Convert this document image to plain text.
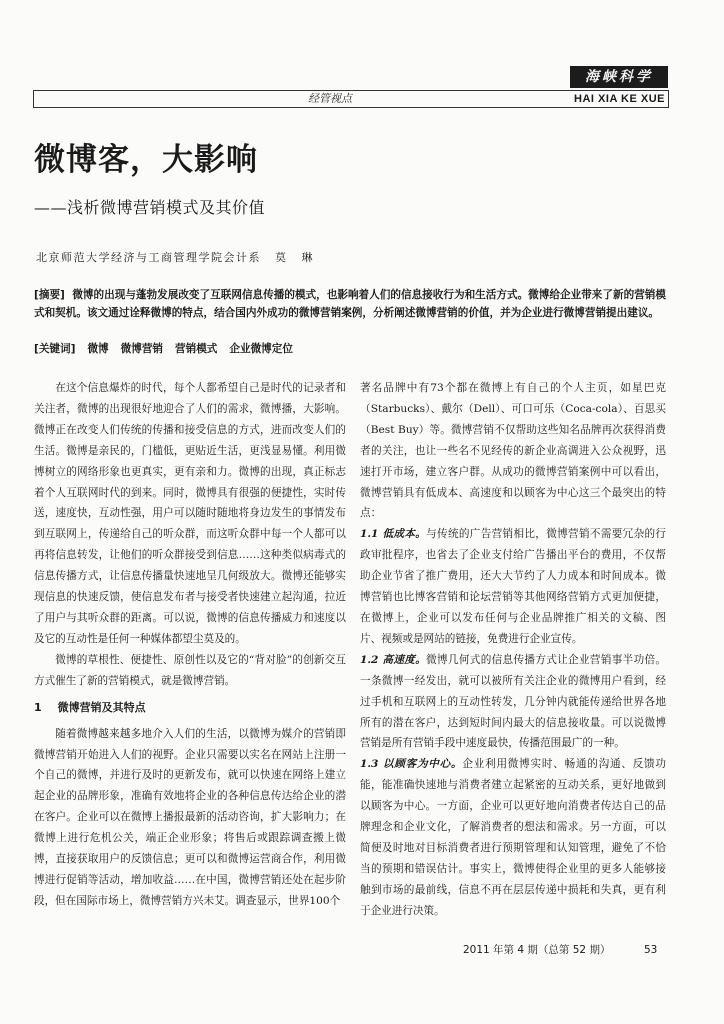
海峡科学
经管视点	HAI XIA KE XUE
微博客，大影响
——浅析微博营销模式及其价值
北京师范大学经济与工商管理学院会计系 莫 琳
[摘要] 微博的出现与蓬勃发展改变了互联网信息传播的模式，也影响着人们的信息接收行为和生活方式。微博给企业带来了新的营销模式和契机。该文通过诠释微博的特点，结合国内外成功的微博营销案例，分析阐述微博营销的价值，并为企业进行微博营销提出建议。
[关键词] 微博 微博营销 营销模式 企业微博定位

在这个信息爆炸的时代，每个人都希望自己是时代的记录者和关注者，微博的出现很好地迎合了人们的需求，微博播，大影响。微博正在改变人们传统的传播和接受信息的方式，进而改变人们的生活。微博是亲民的，门槛低，更贴近生活，更浅显易懂。利用微博树立的网络形象也更真实，更有亲和力。微博的出现，真正标志着个人互联网时代的到来。同时，微博具有很强的便捷性，实时传送，速度快，互动性强，用户可以随时随地将身边发生的事情发布到互联网上，传递给自己的听众群，而这听众群中每一个人都可以再将信息转发，让他们的听众群接受到信息……这种类似病毒式的信息传播方式，让信息传播量快速地呈几何级放大。微博还能够实现信息的快速反馈，使信息发布者与接受者快速建立起沟通，拉近了用户与其听众群的距离。可以说，微博的信息传播威力和速度以及它的互动性是任何一种媒体都望尘莫及的。

微博的草根性、便捷性、原创性以及它的“背对脸”的创新交互方式催生了新的营销模式，就是微博营销。

1 微博营销及其特点

随着微博越来越多地介入人们的生活，以微博为媒介的营销即微博营销开始进入人们的视野。企业只需要以实名在网站上注册一个自己的微博，并进行及时的更新发布，就可以快速在网络上建立起企业的品牌形象，准确有效地将企业的各种信息传达给企业的潜在客户。企业可以在微博上播报最新的活动咨询，扩大影响力；在微博上进行危机公关，端正企业形象；将售后或跟踪调查搬上微博，直接获取用户的反馈信息；更可以和微博运营商合作，利用微博进行促销等活动，增加收益……在中国，微博营销还处在起步阶段，但在国际市场上，微博营销方兴未艾。调查显示，世界100个

著名品牌中有73个都在微博上有自己的个人主页，如星巴克（Starbucks）、戴尔（Dell）、可口可乐（Coca-cola）、百思买（Best Buy）等。微博营销不仅帮助这些知名品牌再次获得消费者的关注，也让一些名不见经传的新企业高调进入公众视野，迅速打开市场，建立客户群。从成功的微博营销案例中可以看出，微博营销具有低成本、高速度和以顾客为中心这三个最突出的特点：

1.1 低成本。与传统的广告营销相比，微博营销不需要冗杂的行政审批程序，也省去了企业支付给广告播出平台的费用，不仅帮助企业节省了推广费用，还大大节约了人力成本和时间成本。微博营销也比博客营销和论坛营销等其他网络营销方式更加便捷，在微博上，企业可以发布任何与企业品牌推广相关的文稿、图片、视频或是网站的链接，免费进行企业宣传。

1.2 高速度。微博几何式的信息传播方式让企业营销事半功倍。一条微博一经发出，就可以被所有关注企业的微博用户看到，经过手机和互联网上的互动性转发，几分钟内就能传递给世界各地所有的潜在客户，达到短时间内最大的信息接收量。可以说微博营销是所有营销手段中速度最快，传播范围最广的一种。

1.3 以顾客为中心。企业利用微博实时、畅通的沟通、反馈功能，能准确快速地与消费者建立起紧密的互动关系，更好地做到以顾客为中心。一方面，企业可以更好地向消费者传达自己的品牌理念和企业文化，了解消费者的想法和需求。另一方面，可以简便及时地对目标消费者进行预期管理和认知管理，避免了不恰当的预期和错误估计。事实上，微博使得企业里的更多人能够接触到市场的最前线，信息不再在层层传递中损耗和失真，更有利于企业进行决策。

2011 年第 4 期（总第 52 期）	53
